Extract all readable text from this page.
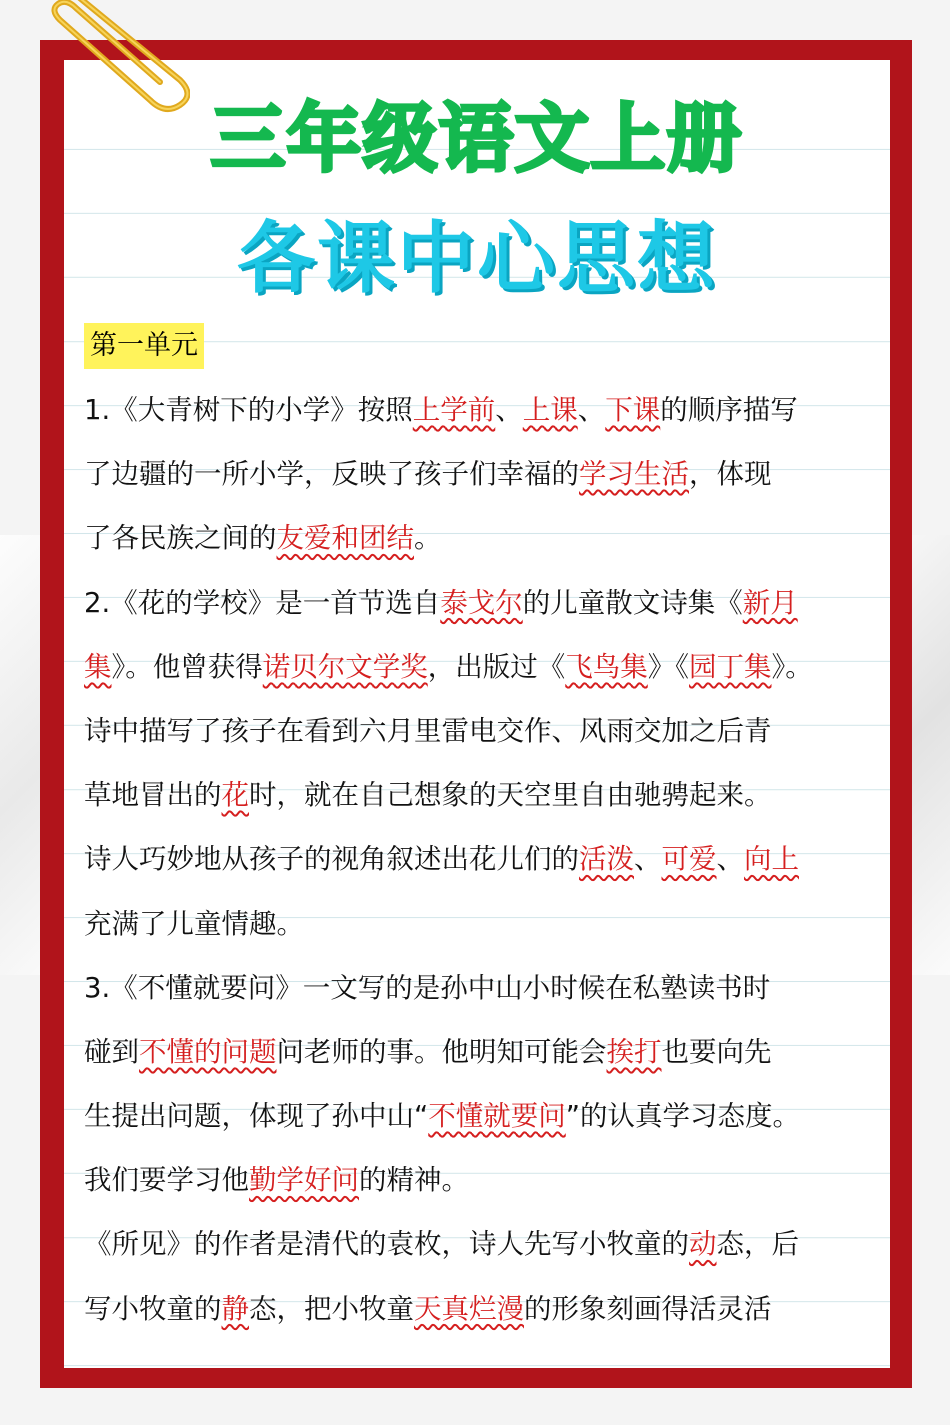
三年级语文上册
各课中心思想
第一单元
1.《大青树下的小学》按照上学前、上课、下课的顺序描写
了边疆的一所小学，反映了孩子们幸福的学习生活，体现
了各民族之间的友爱和团结。
2.《花的学校》是一首节选自泰戈尔的儿童散文诗集《新月
集》。他曾获得诺贝尔文学奖，出版过《飞鸟集》《园丁集》。
诗中描写了孩子在看到六月里雷电交作、风雨交加之后青
草地冒出的花时，就在自己想象的天空里自由驰骋起来。
诗人巧妙地从孩子的视角叙述出花儿们的活泼、可爱、向上
充满了儿童情趣。
3.《不懂就要问》一文写的是孙中山小时候在私塾读书时
碰到不懂的问题问老师的事。他明知可能会挨打也要向先
生提出问题，体现了孙中山“不懂就要问”的认真学习态度。
我们要学习他勤学好问的精神。
《所见》的作者是清代的袁枚，诗人先写小牧童的动态，后
写小牧童的静态，把小牧童天真烂漫的形象刻画得活灵活
